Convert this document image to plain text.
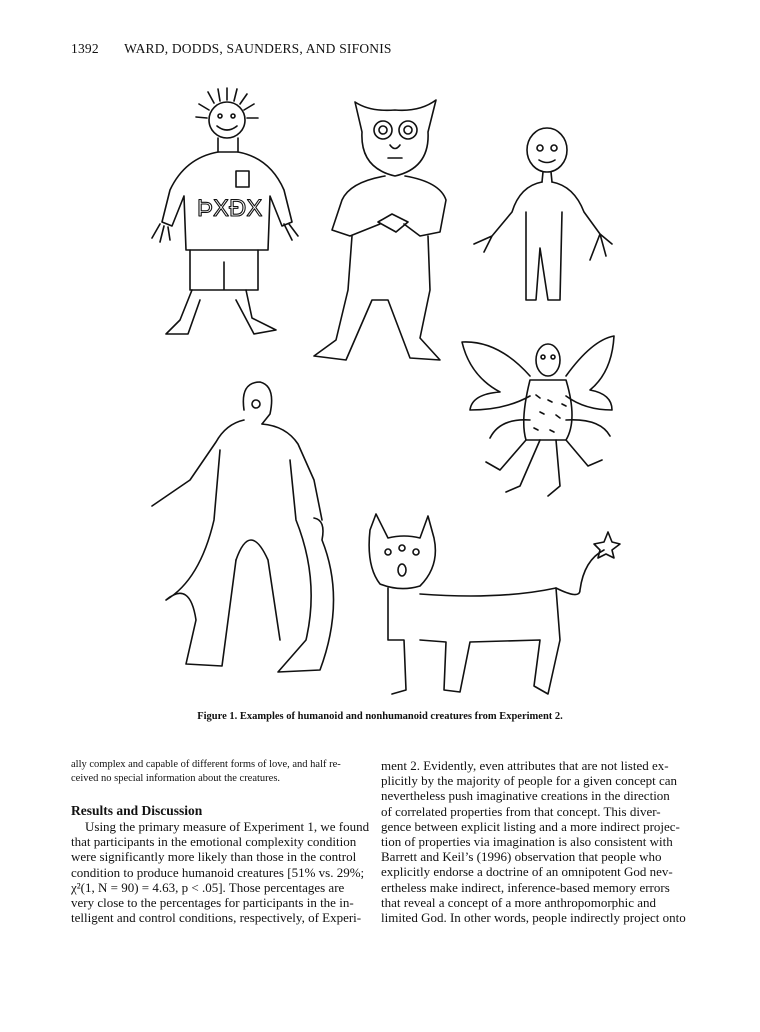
1392 WARD, DODDS, SAUNDERS, AND SIFONIS
ÞXÐX
Figure 1. Examples of humanoid and nonhumanoid creatures from Experiment 2.

ally complex and capable of different forms of love, and half re-
ceived no special information about the creatures.

Results and Discussion

Using the primary measure of Experiment 1, we found
that participants in the emotional complexity condition
were significantly more likely than those in the control
condition to produce humanoid creatures [51% vs. 29%;
χ²(1, N = 90) = 4.63, p < .05]. Those percentages are
very close to the percentages for participants in the in-
telligent and control conditions, respectively, of Experi-

ment 2. Evidently, even attributes that are not listed ex-
plicitly by the majority of people for a given concept can
nevertheless push imaginative creations in the direction
of correlated properties from that concept. This diver-
gence between explicit listing and a more indirect projec-
tion of properties via imagination is also consistent with
Barrett and Keil’s (1996) observation that people who
explicitly endorse a doctrine of an omnipotent God nev-
ertheless make indirect, inference-based memory errors
that reveal a concept of a more anthropomorphic and
limited God. In other words, people indirectly project onto
